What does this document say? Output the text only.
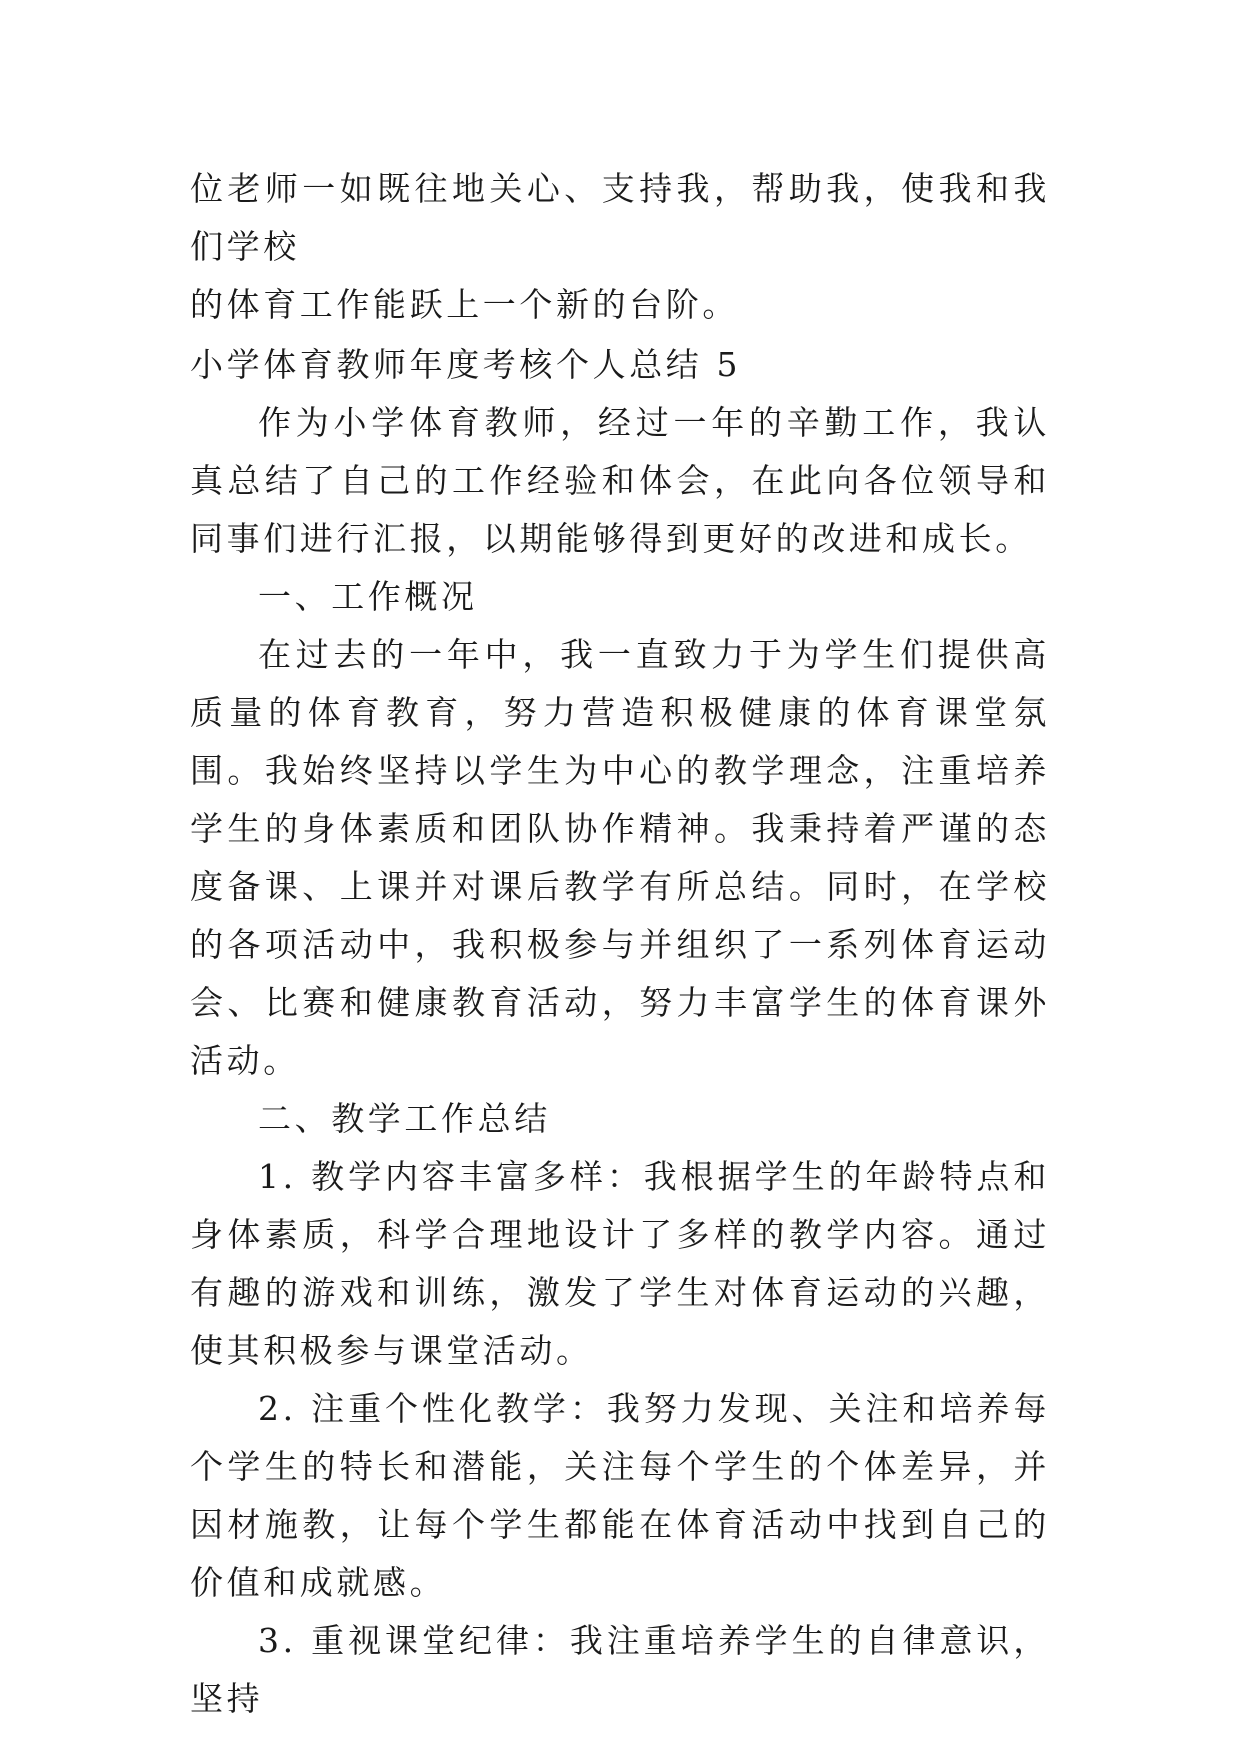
位老师一如既往地关心、支持我，帮助我，使我和我们学校

的体育工作能跃上一个新的台阶。

小学体育教师年度考核个人总结 5

作为小学体育教师，经过一年的辛勤工作，我认真总结了自己的工作经验和体会，在此向各位领导和同事们进行汇报，以期能够得到更好的改进和成长。

一、工作概况

在过去的一年中，我一直致力于为学生们提供高质量的体育教育，努力营造积极健康的体育课堂氛围。我始终坚持以学生为中心的教学理念，注重培养学生的身体素质和团队协作精神。我秉持着严谨的态度备课、上课并对课后教学有所总结。同时，在学校的各项活动中，我积极参与并组织了一系列体育运动会、比赛和健康教育活动，努力丰富学生的体育课外活动。

二、教学工作总结

1. 教学内容丰富多样：我根据学生的年龄特点和身体素质，科学合理地设计了多样的教学内容。通过有趣的游戏和训练，激发了学生对体育运动的兴趣，使其积极参与课堂活动。

2. 注重个性化教学：我努力发现、关注和培养每个学生的特长和潜能，关注每个学生的个体差异，并因材施教，让每个学生都能在体育活动中找到自己的价值和成就感。

3. 重视课堂纪律：我注重培养学生的自律意识，坚持
